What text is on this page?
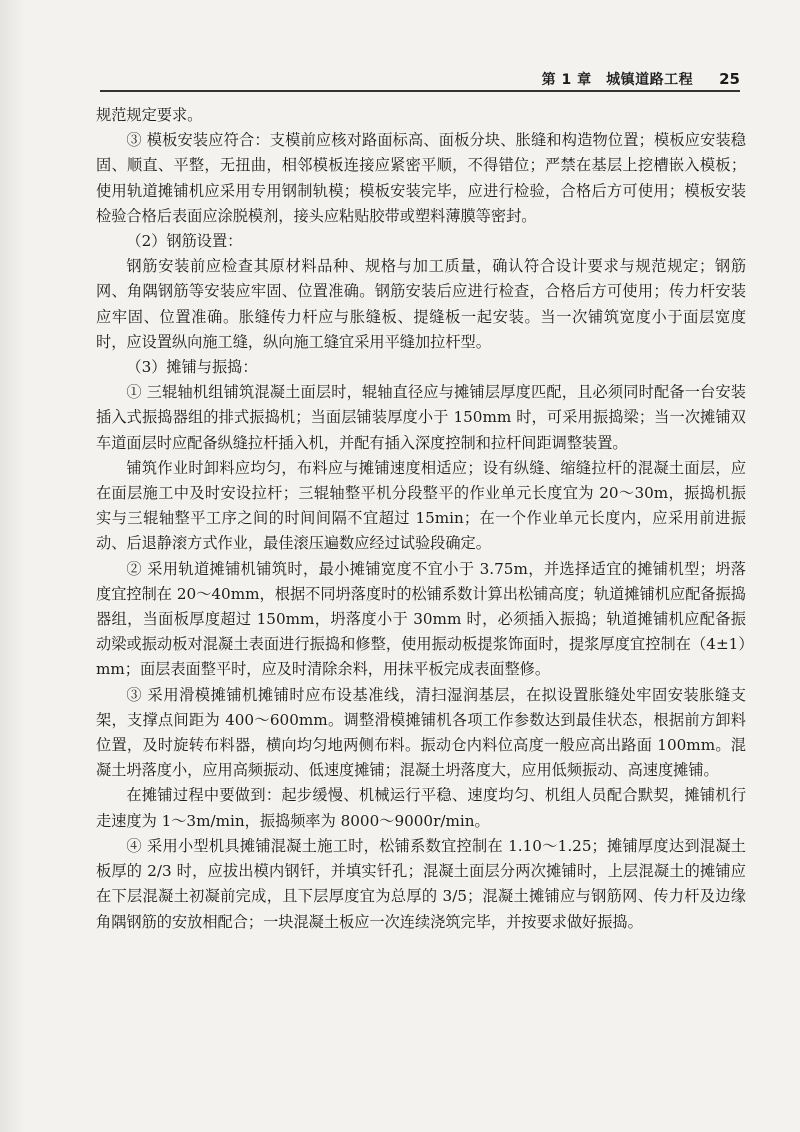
第 1 章　城镇道路工程 25

规范规定要求。

③ 模板安装应符合：支模前应核对路面标高、面板分块、胀缝和构造物位置；模板应安装稳固、顺直、平整，无扭曲，相邻模板连接应紧密平顺，不得错位；严禁在基层上挖槽嵌入模板；使用轨道摊铺机应采用专用钢制轨模；模板安装完毕，应进行检验，合格后方可使用；模板安装检验合格后表面应涂脱模剂，接头应粘贴胶带或塑料薄膜等密封。

（2）钢筋设置：

钢筋安装前应检查其原材料品种、规格与加工质量，确认符合设计要求与规范规定；钢筋网、角隅钢筋等安装应牢固、位置准确。钢筋安装后应进行检查，合格后方可使用；传力杆安装应牢固、位置准确。胀缝传力杆应与胀缝板、提缝板一起安装。当一次铺筑宽度小于面层宽度时，应设置纵向施工缝，纵向施工缝宜采用平缝加拉杆型。

（3）摊铺与振捣：

① 三辊轴机组铺筑混凝土面层时，辊轴直径应与摊铺层厚度匹配，且必须同时配备一台安装插入式振捣器组的排式振捣机；当面层铺装厚度小于 150mm 时，可采用振捣梁；当一次摊铺双车道面层时应配备纵缝拉杆插入机，并配有插入深度控制和拉杆间距调整装置。

铺筑作业时卸料应均匀，布料应与摊铺速度相适应；设有纵缝、缩缝拉杆的混凝土面层，应在面层施工中及时安设拉杆；三辊轴整平机分段整平的作业单元长度宜为 20～30m，振捣机振实与三辊轴整平工序之间的时间间隔不宜超过 15min；在一个作业单元长度内，应采用前进振动、后退静滚方式作业，最佳滚压遍数应经过试验段确定。

② 采用轨道摊铺机铺筑时，最小摊铺宽度不宜小于 3.75m，并选择适宜的摊铺机型；坍落度宜控制在 20～40mm，根据不同坍落度时的松铺系数计算出松铺高度；轨道摊铺机应配备振捣器组，当面板厚度超过 150mm，坍落度小于 30mm 时，必须插入振捣；轨道摊铺机应配备振动梁或振动板对混凝土表面进行振捣和修整，使用振动板提浆饰面时，提浆厚度宜控制在（4±1）mm；面层表面整平时，应及时清除余料，用抹平板完成表面整修。

③ 采用滑模摊铺机摊铺时应布设基准线，清扫湿润基层，在拟设置胀缝处牢固安装胀缝支架，支撑点间距为 400～600mm。调整滑模摊铺机各项工作参数达到最佳状态，根据前方卸料位置，及时旋转布料器，横向均匀地两侧布料。振动仓内料位高度一般应高出路面 100mm。混凝土坍落度小，应用高频振动、低速度摊铺；混凝土坍落度大，应用低频振动、高速度摊铺。

在摊铺过程中要做到：起步缓慢、机械运行平稳、速度均匀、机组人员配合默契，摊铺机行走速度为 1～3m/min，振捣频率为 8000～9000r/min。

④ 采用小型机具摊铺混凝土施工时，松铺系数宜控制在 1.10～1.25；摊铺厚度达到混凝土板厚的 2/3 时，应拔出模内钢钎，并填实钎孔；混凝土面层分两次摊铺时，上层混凝土的摊铺应在下层混凝土初凝前完成，且下层厚度宜为总厚的 3/5；混凝土摊铺应与钢筋网、传力杆及边缘角隅钢筋的安放相配合；一块混凝土板应一次连续浇筑完毕，并按要求做好振捣。
